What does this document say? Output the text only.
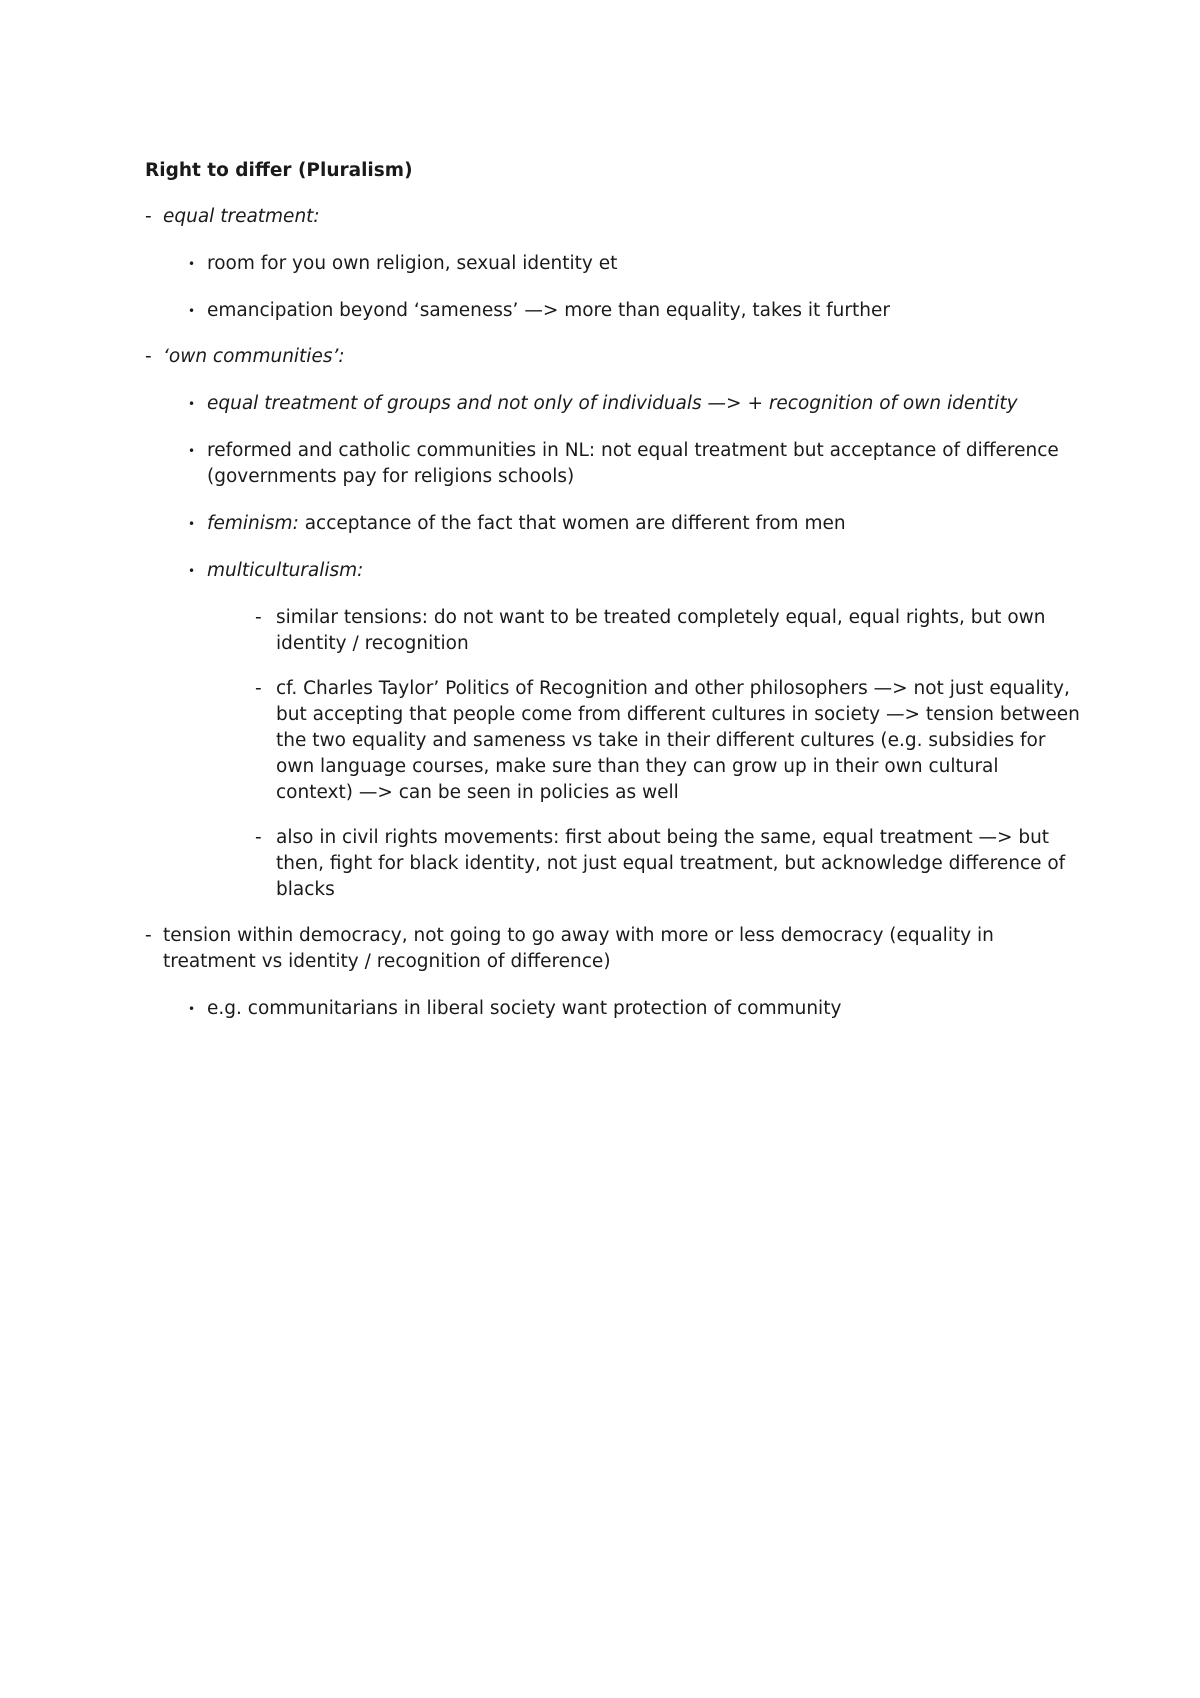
Right to differ (Pluralism)
- equal treatment:
• room for you own religion, sexual identity et
• emancipation beyond ‘sameness’ —> more than equality, takes it further
- ‘own communities’:
• equal treatment of groups and not only of individuals —> + recognition of own identity
• reformed and catholic communities in NL: not equal treatment but acceptance of difference (governments pay for religions schools)
• feminism: acceptance of the fact that women are different from men
• multiculturalism:
- similar tensions: do not want to be treated completely equal, equal rights, but own identity / recognition
- cf. Charles Taylor’ Politics of Recognition and other philosophers —> not just equality, but accepting that people come from different cultures in society —> tension between the two equality and sameness vs take in their different cultures (e.g. subsidies for own language courses, make sure than they can grow up in their own cultural context) —> can be seen in policies as well
- also in civil rights movements: first about being the same, equal treatment —> but then, fight for black identity, not just equal treatment, but acknowledge difference of blacks
- tension within democracy, not going to go away with more or less democracy (equality in treatment vs identity / recognition of difference)
• e.g. communitarians in liberal society want protection of community
